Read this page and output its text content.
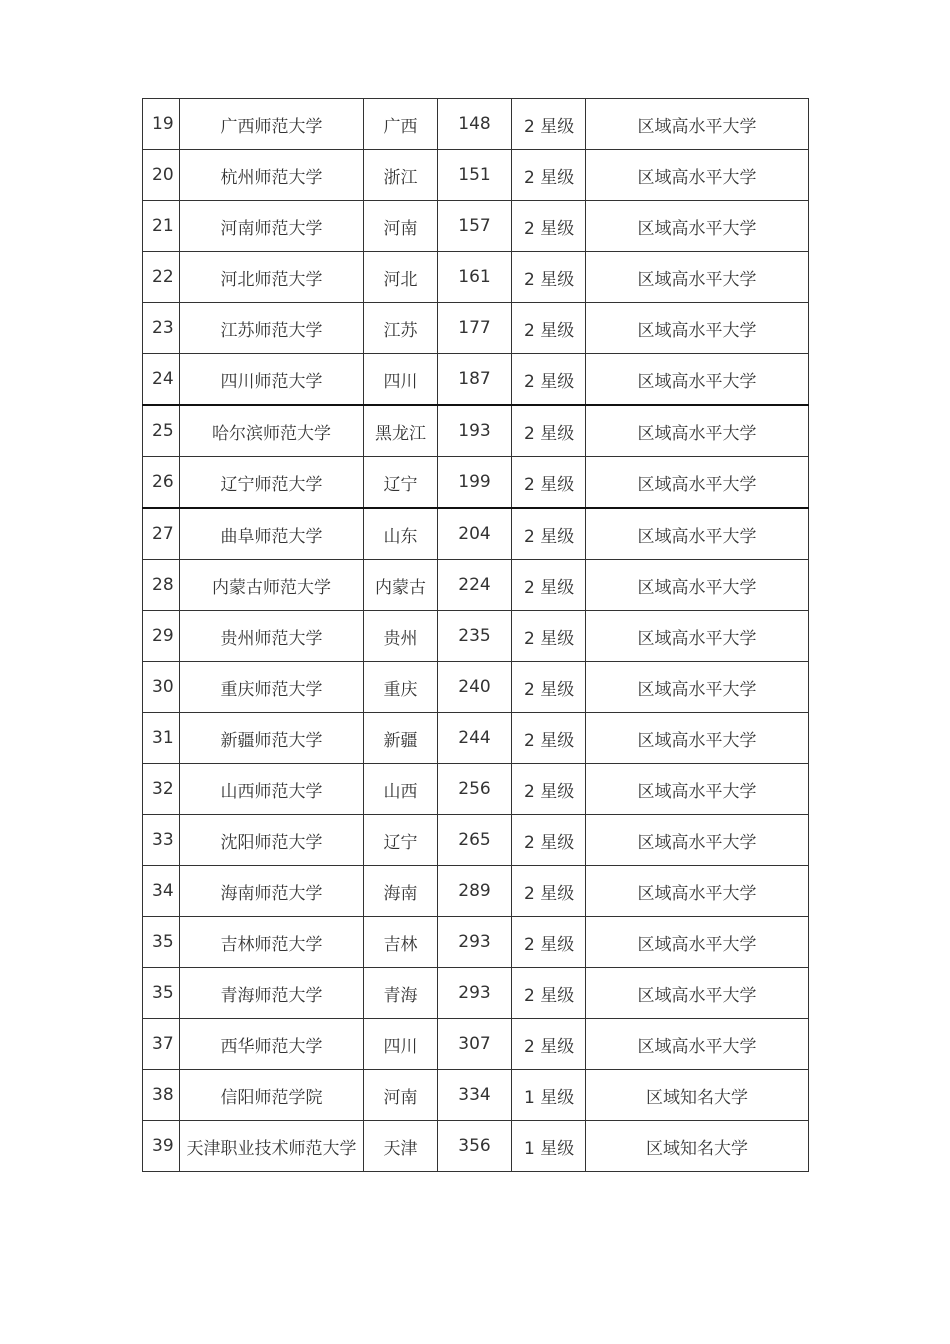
19	广西师范大学	广西	148	2 星级	区域高水平大学
20	杭州师范大学	浙江	151	2 星级	区域高水平大学
21	河南师范大学	河南	157	2 星级	区域高水平大学
22	河北师范大学	河北	161	2 星级	区域高水平大学
23	江苏师范大学	江苏	177	2 星级	区域高水平大学
24	四川师范大学	四川	187	2 星级	区域高水平大学
25	哈尔滨师范大学	黑龙江	193	2 星级	区域高水平大学
26	辽宁师范大学	辽宁	199	2 星级	区域高水平大学
27	曲阜师范大学	山东	204	2 星级	区域高水平大学
28	内蒙古师范大学	内蒙古	224	2 星级	区域高水平大学
29	贵州师范大学	贵州	235	2 星级	区域高水平大学
30	重庆师范大学	重庆	240	2 星级	区域高水平大学
31	新疆师范大学	新疆	244	2 星级	区域高水平大学
32	山西师范大学	山西	256	2 星级	区域高水平大学
33	沈阳师范大学	辽宁	265	2 星级	区域高水平大学
34	海南师范大学	海南	289	2 星级	区域高水平大学
35	吉林师范大学	吉林	293	2 星级	区域高水平大学
35	青海师范大学	青海	293	2 星级	区域高水平大学
37	西华师范大学	四川	307	2 星级	区域高水平大学
38	信阳师范学院	河南	334	1 星级	区域知名大学
39	天津职业技术师范大学	天津	356	1 星级	区域知名大学
